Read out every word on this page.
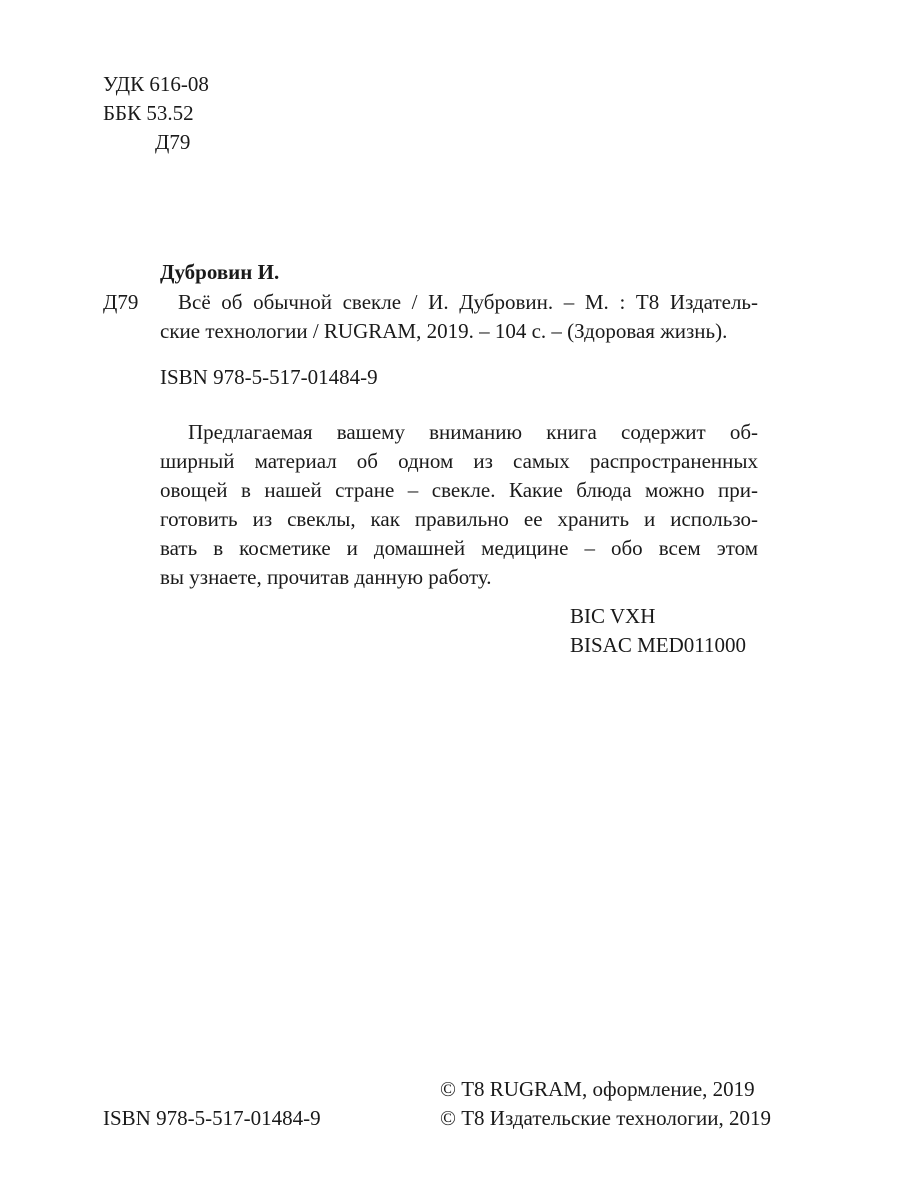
УДК 616-08
ББК 53.52
Д79
Дубровин И.
Д79 Всё об обычной свекле / И. Дубровин. – М. : Т8 Издатель-
ские технологии / RUGRAM, 2019. – 104 с. – (Здоровая жизнь).
ISBN 978-5-517-01484-9
Предлагаемая вашему вниманию книга содержит об-
ширный материал об одном из самых распространенных
овощей в нашей стране – свекле. Какие блюда можно при-
готовить из свеклы, как правильно ее хранить и использо-
вать в косметике и домашней медицине – обо всем этом
вы узнаете, прочитав данную работу.
BIC VXH
BISAC MED011000
© Т8 RUGRAM, оформление, 2019
© Т8 Издательские технологии, 2019
ISBN 978-5-517-01484-9
